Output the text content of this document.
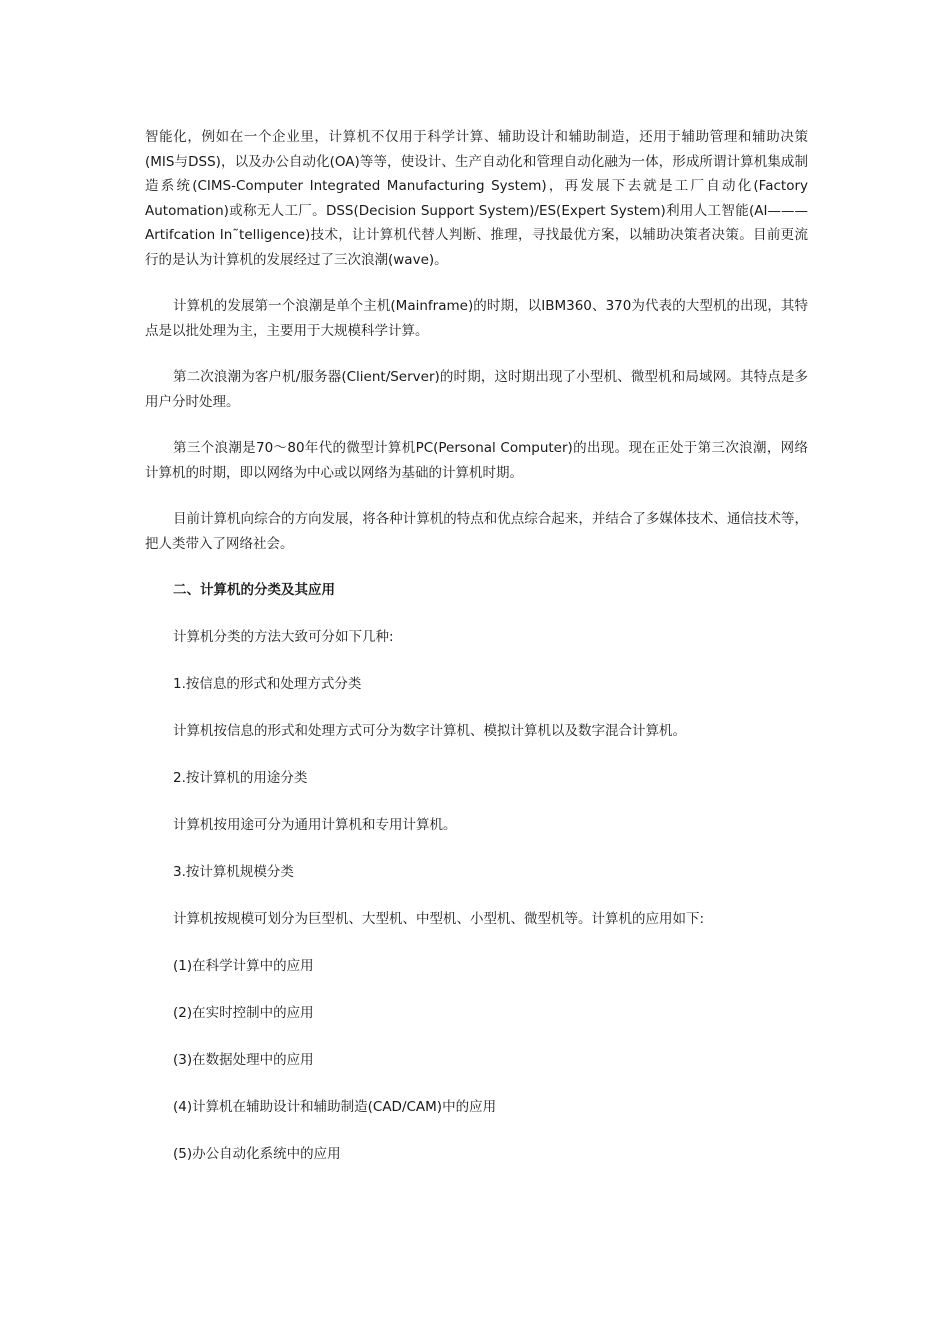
智能化，例如在一个企业里，计算机不仅用于科学计算、辅助设计和辅助制造，还用于辅助管理和辅助决策(MIS与DSS)，以及办公自动化(OA)等等，使设计、生产自动化和管理自动化融为一体，形成所谓计算机集成制造系统(CIMS-Computer Integrated Manufacturing System)，再发展下去就是工厂自动化(Factory Automation)或称无人工厂。DSS(Decision Support System)/ES(Expert System)利用人工智能(AI———Artifcation In˜telligence)技术，让计算机代替人判断、推理，寻找最优方案，以辅助决策者决策。目前更流行的是认为计算机的发展经过了三次浪潮(wave)。

计算机的发展第一个浪潮是单个主机(Mainframe)的时期，以IBM360、370为代表的大型机的出现，其特点是以批处理为主，主要用于大规模科学计算。

第二次浪潮为客户机/服务器(Client/Server)的时期，这时期出现了小型机、微型机和局域网。其特点是多用户分时处理。

第三个浪潮是70～80年代的微型计算机PC(Personal Computer)的出现。现在正处于第三次浪潮，网络计算机的时期，即以网络为中心或以网络为基础的计算机时期。

目前计算机向综合的方向发展，将各种计算机的特点和优点综合起来，并结合了多媒体技术、通信技术等，把人类带入了网络社会。

二、计算机的分类及其应用

计算机分类的方法大致可分如下几种:

1.按信息的形式和处理方式分类

计算机按信息的形式和处理方式可分为数字计算机、模拟计算机以及数字混合计算机。

2.按计算机的用途分类

计算机按用途可分为通用计算机和专用计算机。

3.按计算机规模分类

计算机按规模可划分为巨型机、大型机、中型机、小型机、微型机等。计算机的应用如下:

(1)在科学计算中的应用

(2)在实时控制中的应用

(3)在数据处理中的应用

(4)计算机在辅助设计和辅助制造(CAD/CAM)中的应用

(5)办公自动化系统中的应用
